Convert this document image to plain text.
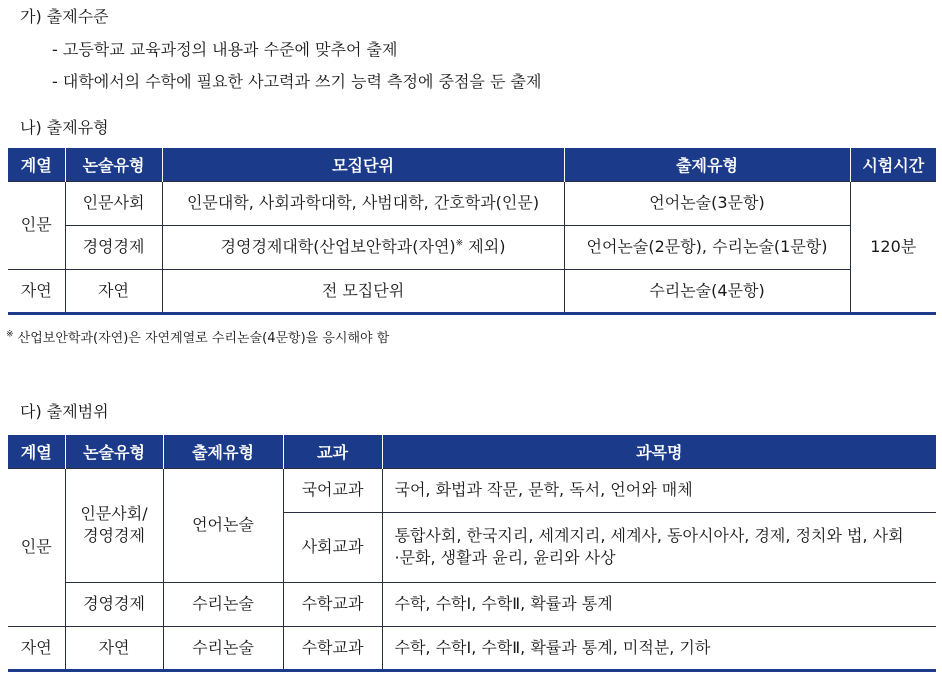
가) 출제수준
- 고등학교 교육과정의 내용과 수준에 맞추어 출제
- 대학에서의 수학에 필요한 사고력과 쓰기 능력 측정에 중점을 둔 출제
나) 출제유형
계열	논술유형	모집단위	출제유형	시험시간
인문	인문사회	인문대학, 사회과학대학, 사범대학, 간호학과(인문)	언어논술(3문항)	120분
	경영경제	경영경제대학(산업보안학과(자연)※ 제외)	언어논술(2문항), 수리논술(1문항)	
자연	자연	전 모집단위	수리논술(4문항)	
※ 산업보안학과(자연)은 자연계열로 수리논술(4문항)을 응시해야 함
다) 출제범위
계열	논술유형	출제유형	교과	과목명
인문	인문사회/ 경영경제	언어논술	국어교과	국어, 화법과 작문, 문학, 독서, 언어와 매체
			사회교과	통합사회, 한국지리, 세계지리, 세계사, 동아시아사, 경제, 정치와 법, 사회·문화, 생활과 윤리, 윤리와 사상
	경영경제	수리논술	수학교과	수학, 수학Ⅰ, 수학Ⅱ, 확률과 통계
자연	자연	수리논술	수학교과	수학, 수학Ⅰ, 수학Ⅱ, 확률과 통계, 미적분, 기하
